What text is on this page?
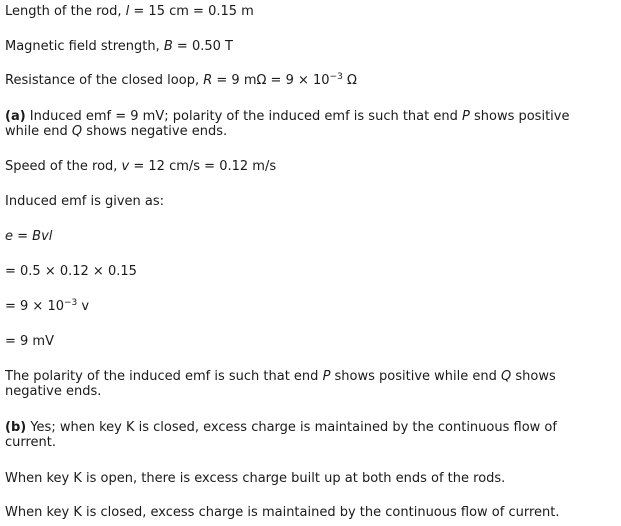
Length of the rod, l = 15 cm = 0.15 m
Magnetic field strength, B = 0.50 T
Resistance of the closed loop, R = 9 $m\Omega = 9 \times 10^{-3}$ Ω
(a) Induced emf = 9 mV; polarity of the induced emf is such that end P shows positive while end Q shows negative ends.
Speed of the rod, v = 12 cm/s = 0.12 m/s
Induced emf is given as:
e = Bvl
= 0.5 × 0.12 × 0.15
= $9 \times 10^{-3}$ v
= 9 mV
The polarity of the induced emf is such that end P shows positive while end Q shows negative ends.
(b) Yes; when key K is closed, excess charge is maintained by the continuous flow of current.
When key K is open, there is excess charge built up at both ends of the rods.
When key K is closed, excess charge is maintained by the continuous flow of current.
